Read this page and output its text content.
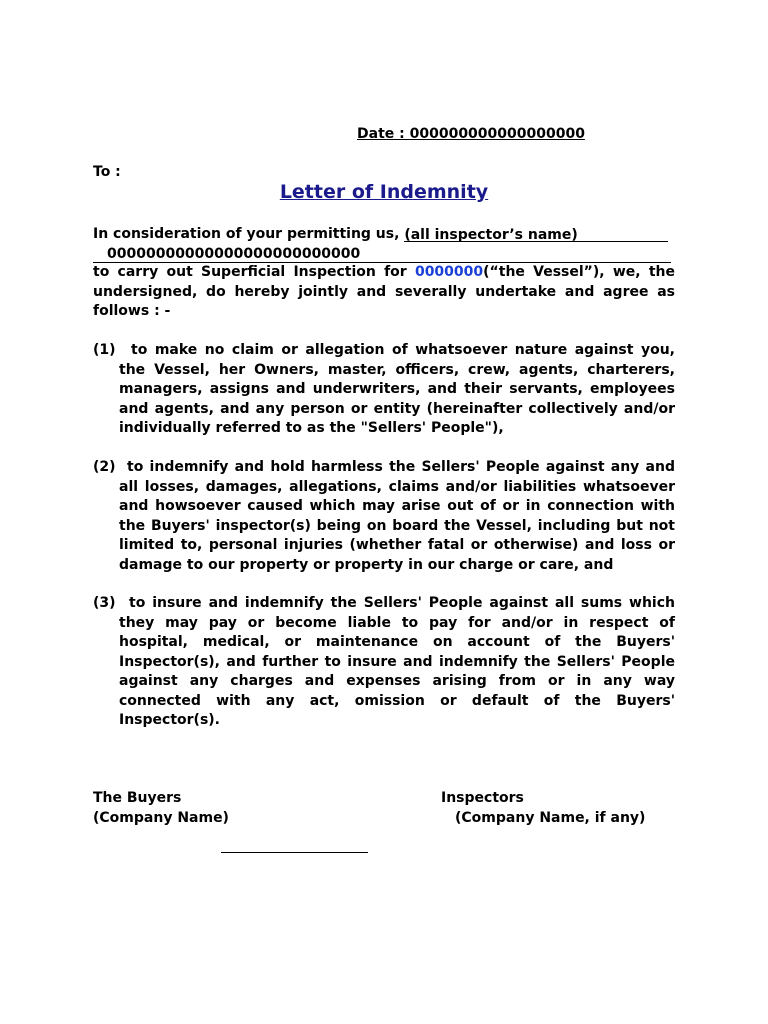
Date : 000000000000000000
To :
Letter of Indemnity
In consideration of your permitting us, (all inspector’s name)
00000000000000000000000000
to carry out Superficial Inspection for 0000000(“the Vessel”), we, the undersigned, do hereby jointly and severally undertake and agree as follows : -
(1)	to make no claim or allegation of whatsoever nature against you, the Vessel, her Owners, master, officers, crew, agents, charterers, managers, assigns and underwriters, and their servants, employees and agents, and any person or entity (hereinafter collectively and/or individually referred to as the "Sellers' People"),
(2) to indemnify and hold harmless the Sellers' People against any and all losses, damages, allegations, claims and/or liabilities whatsoever and howsoever caused which may arise out of or in connection with the Buyers' inspector(s) being on board the Vessel, including but not limited to, personal injuries (whether fatal or otherwise) and loss or damage to our property or property in our charge or care, and
(3) to insure and indemnify the Sellers' People against all sums which they may pay or become liable to pay for and/or in respect of hospital, medical, or maintenance on account of the Buyers' Inspector(s), and further to insure and indemnify the Sellers' People against any charges and expenses arising from or in any way connected with any act, omission or default of the Buyers' Inspector(s).
The Buyers
(Company Name)
Inspectors
(Company Name, if any)
